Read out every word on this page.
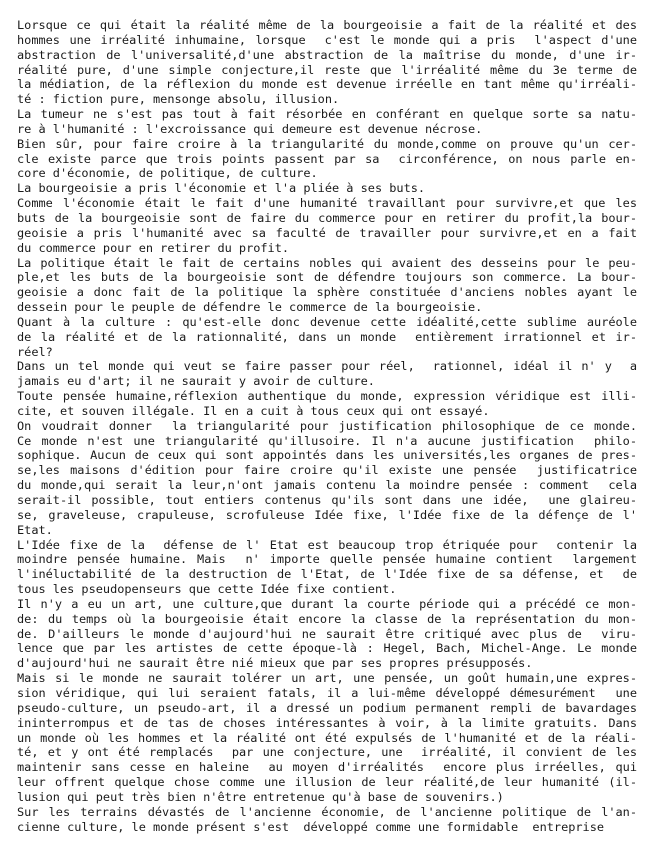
Lorsque ce qui était la réalité même de la bourgeoisie a fait de la réalité et des
hommes une irréalité inhumaine, lorsque  c'est le monde qui a pris  l'aspect d'une
abstraction de l'universalité,d'une abstraction de la maîtrise du monde, d'une ir-
réalité pure, d'une simple conjecture,il reste que l'irréalité même du 3e terme de
la médiation, de la réflexion du monde est devenue irréelle en tant même qu'irréali-
té : fiction pure, mensonge absolu, illusion.
La tumeur ne s'est pas tout à fait résorbée en conférant en quelque sorte sa natu-
re à l'humanité : l'excroissance qui demeure est devenue nécrose.
Bien sûr, pour faire croire à la triangularité du monde,comme on prouve qu'un cer-
cle existe parce que trois points passent par sa  circonférence, on nous parle en-
core d'économie, de politique, de culture.
La bourgeoisie a pris l'économie et l'a pliée à ses buts.
Comme l'économie était le fait d'une humanité travaillant pour survivre,et que les
buts de la bourgeoisie sont de faire du commerce pour en retirer du profit,la bour-
geoisie a pris l'humanité avec sa faculté de travailler pour survivre,et en a fait
du commerce pour en retirer du profit.
La politique était le fait de certains nobles qui avaient des desseins pour le peu-
ple,et les buts de la bourgeoisie sont de défendre toujours son commerce. La bour-
geoisie a donc fait de la politique la sphère constituée d'anciens nobles ayant le
dessein pour le peuple de défendre le commerce de la bourgeoisie.
Quant à la culture : qu'est-elle donc devenue cette idéalité,cette sublime auréole
de la réalité et de la rationnalité, dans un monde  entièrement irrationnel et ir-
réel?
Dans un tel monde qui veut se faire passer pour réel,  rationnel, idéal il n' y  a
jamais eu d'art; il ne saurait y avoir de culture.
Toute pensée humaine,réflexion authentique du monde, expression véridique est illi-
cite, et souven illégale. Il en a cuit à tous ceux qui ont essayé.
On voudrait donner  la triangularité pour justification philosophique de ce monde.
Ce monde n'est une triangularité qu'illusoire. Il n'a aucune justification  philo-
sophique. Aucun de ceux qui sont appointés dans les universités,les organes de pres-
se,les maisons d'édition pour faire croire qu'il existe une pensée  justificatrice
du monde,qui serait la leur,n'ont jamais contenu la moindre pensée : comment  cela
serait-il possible, tout entiers contenus qu'ils sont dans une idée,  une glaireu-
se, graveleuse, crapuleuse, scrofuleuse Idée fixe, l'Idée fixe de la défençe de l'
Etat.
L'Idée fixe de la  défense de l' Etat est beaucoup trop étriquée pour  contenir la
moindre pensée humaine. Mais  n' importe quelle pensée humaine contient  largement
l'inéluctabilité de la destruction de l'Etat, de l'Idée fixe de sa défense, et  de
tous les pseudopenseurs que cette Idée fixe contient.
Il n'y a eu un art, une culture,que durant la courte période qui a précédé ce mon-
de: du temps où la bourgeoisie était encore la classe de la représentation du mon-
de. D'ailleurs le monde d'aujourd'hui ne saurait être critiqué avec plus de  viru-
lence que par les artistes de cette époque-là : Hegel, Bach, Michel-Ange. Le monde
d'aujourd'hui ne saurait être nié mieux que par ses propres présupposés.
Mais si le monde ne saurait tolérer un art, une pensée, un goût humain,une expres-
sion véridique, qui lui seraient fatals, il a lui-même développé démesurément  une
pseudo-culture, un pseudo-art, il a dressé un podium permanent rempli de bavardages
ininterrompus et de tas de choses intéressantes à voir, à la limite gratuits. Dans
un monde où les hommes et la réalité ont été expulsés de l'humanité et de la réali-
té, et y ont été remplacés  par une conjecture, une  irréalité, il convient de les
maintenir sans cesse en haleine  au moyen d'irréalités  encore plus irréelles, qui
leur offrent quelque chose comme une illusion de leur réalité,de leur humanité (il-
lusion qui peut très bien n'être entretenue qu'à base de souvenirs.)
Sur les terrains dévastés de l'ancienne économie, de l'ancienne politique de l'an-
cienne culture, le monde présent s'est  développé comme une formidable  entreprise
